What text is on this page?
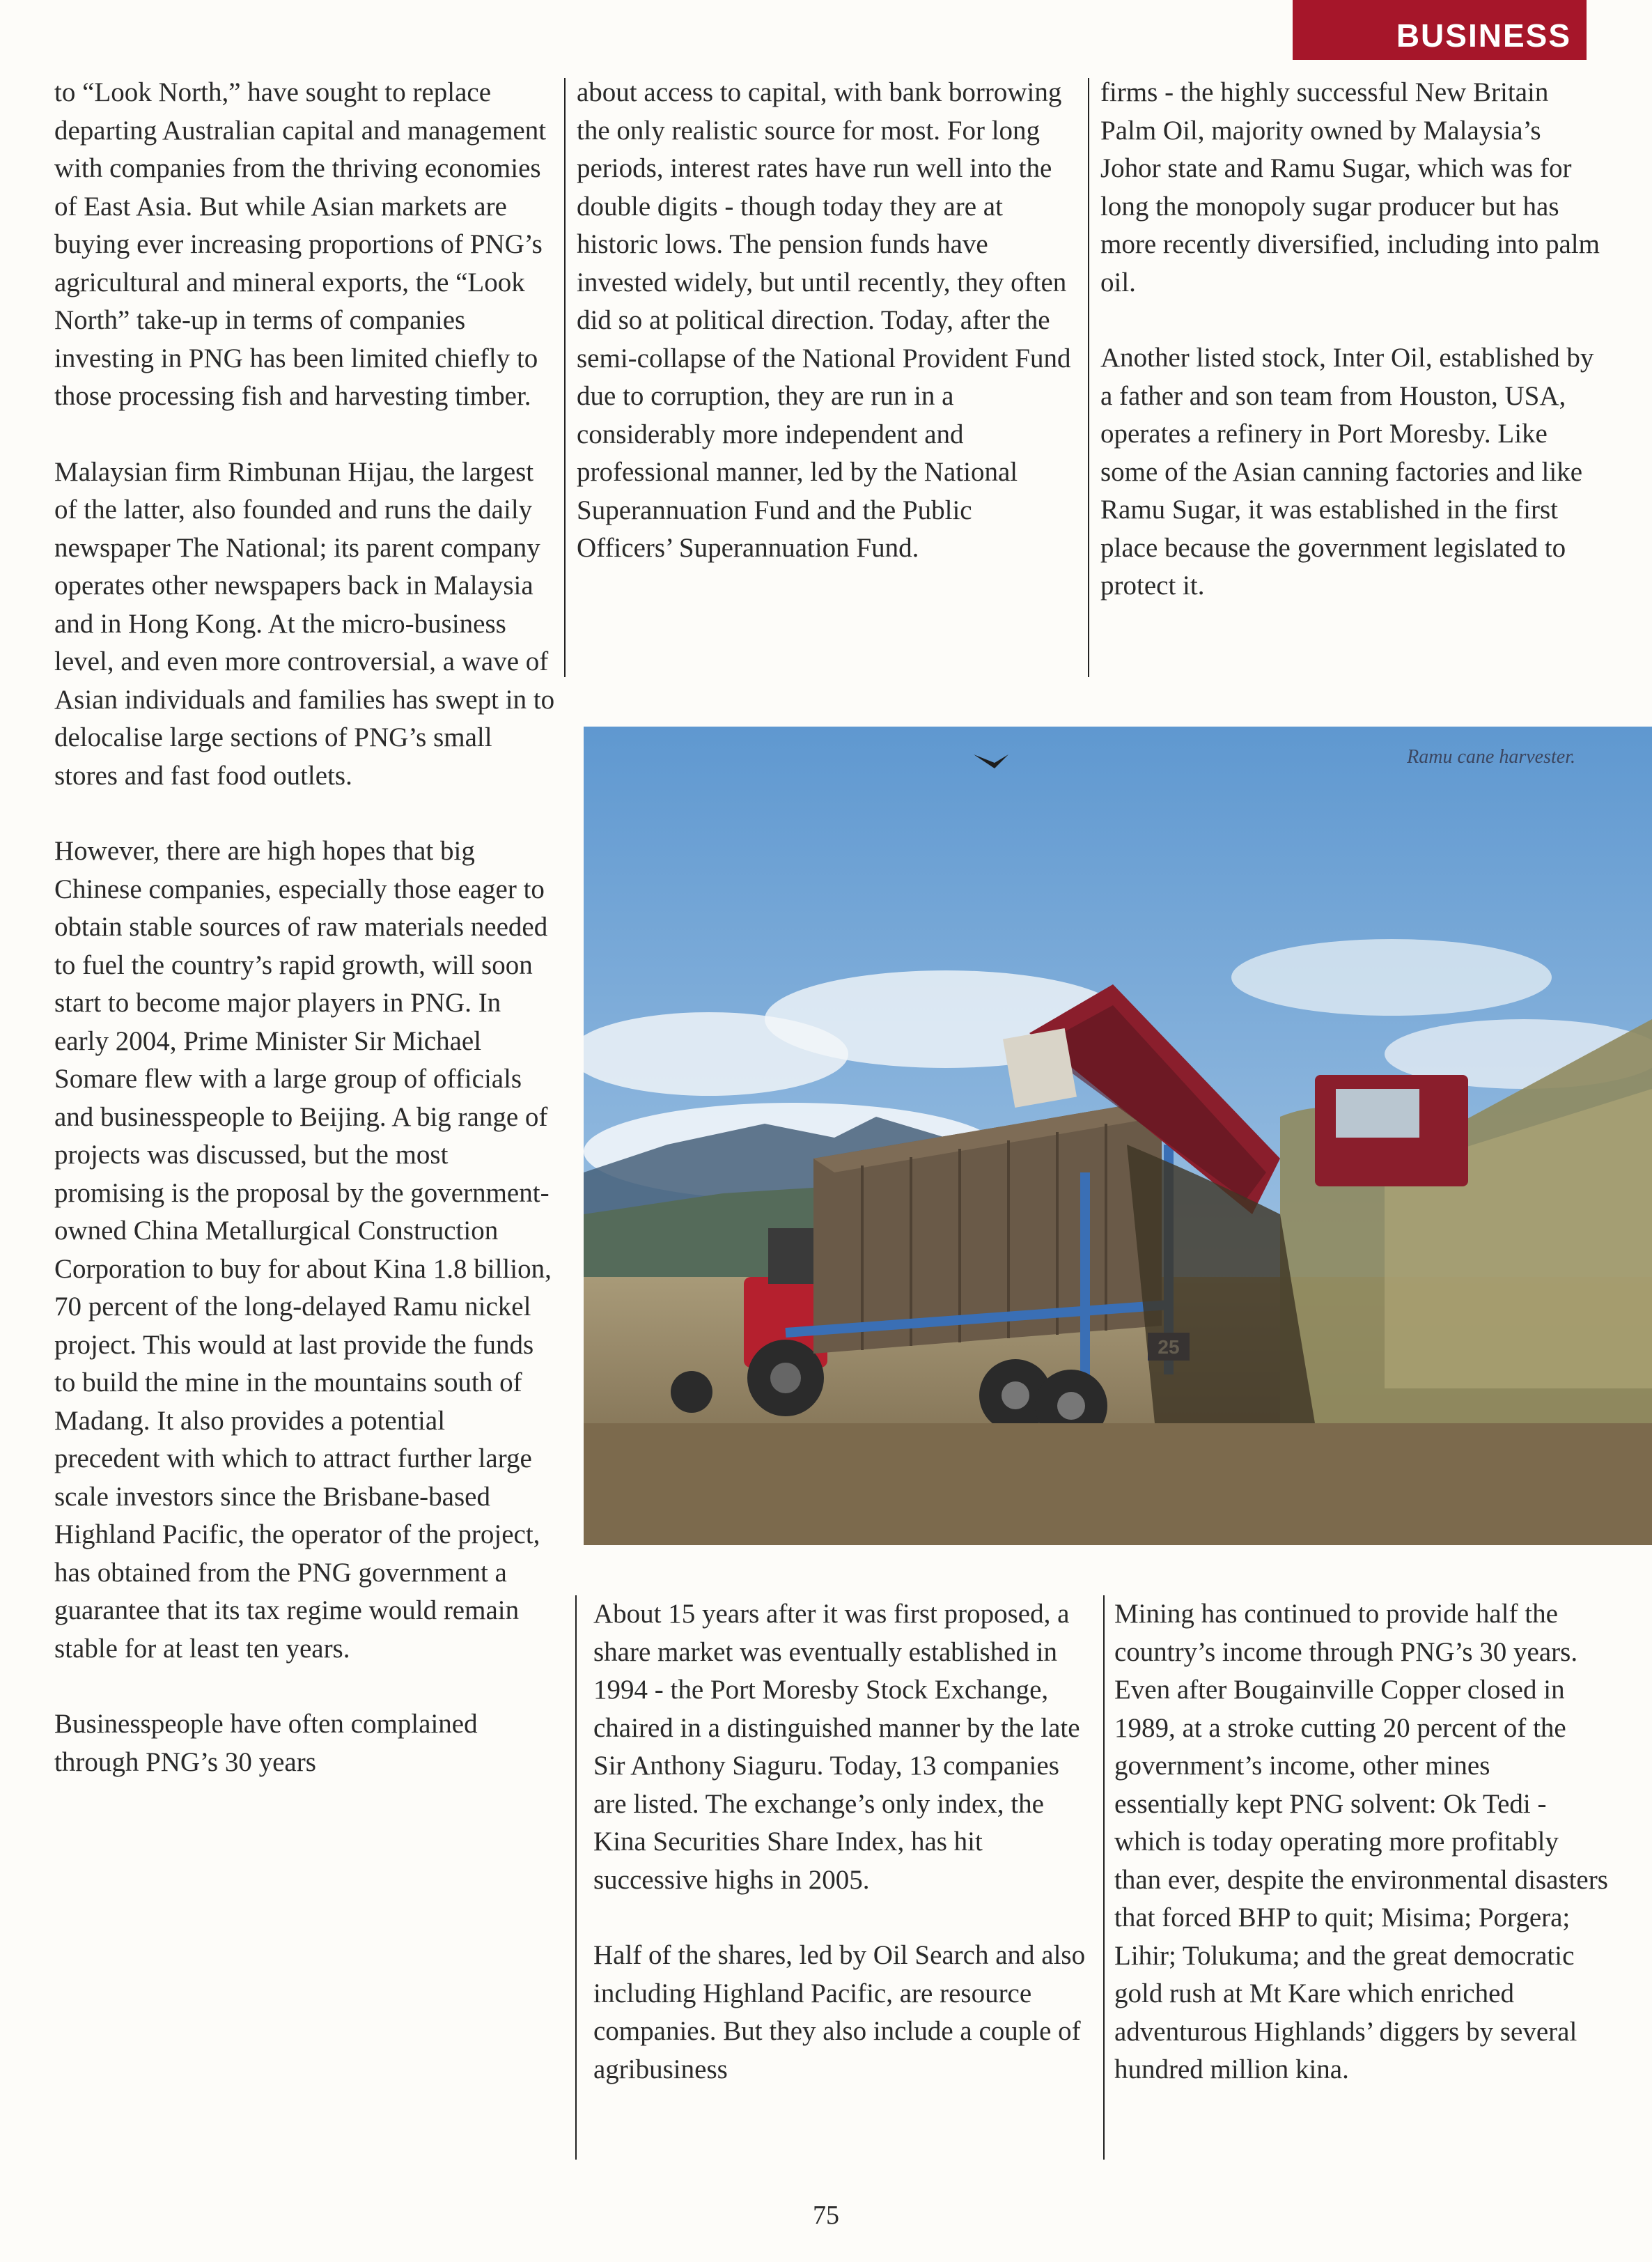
BUSINESS

to “Look North,” have sought to replace departing Australian capital and management with companies from the thriving economies of East Asia. But while Asian markets are buying ever increasing proportions of PNG’s agricultural and mineral exports, the “Look North” take-up in terms of companies investing in PNG has been limited chiefly to those processing fish and harvesting timber.

Malaysian firm Rimbunan Hijau, the largest of the latter, also founded and runs the daily newspaper The National; its parent company operates other newspapers back in Malaysia and in Hong Kong. At the micro-business level, and even more controversial, a wave of Asian individuals and families has swept in to delocalise large sections of PNG’s small stores and fast food outlets.

However, there are high hopes that big Chinese companies, especially those eager to obtain stable sources of raw materials needed to fuel the country’s rapid growth, will soon start to become major players in PNG. In early 2004, Prime Minister Sir Michael Somare flew with a large group of officials and businesspeople to Beijing. A big range of projects was discussed, but the most promising is the proposal by the government-owned China Metallurgical Construction Corporation to buy for about Kina 1.8 billion, 70 percent of the long-delayed Ramu nickel project. This would at last provide the funds to build the mine in the mountains south of Madang. It also provides a potential precedent with which to attract further large scale investors since the Brisbane-based Highland Pacific, the operator of the project, has obtained from the PNG government a guarantee that its tax regime would remain stable for at least ten years.

Businesspeople have often complained through PNG’s 30 years

about access to capital, with bank borrowing the only realistic source for most. For long periods, interest rates have run well into the double digits - though today they are at historic lows. The pension funds have invested widely, but until recently, they often did so at political direction. Today, after the semi-collapse of the National Provident Fund due to corruption, they are run in a considerably more independent and professional manner, led by the National Superannuation Fund and the Public Officers’ Superannuation Fund.

firms - the highly successful New Britain Palm Oil, majority owned by Malaysia’s Johor state and Ramu Sugar, which was for long the monopoly sugar producer but has more recently diversified, including into palm oil.

Another listed stock, Inter Oil, established by a father and son team from Houston, USA, operates a refinery in Port Moresby. Like some of the Asian canning factories and like Ramu Sugar, it was established in the first place because the government legislated to protect it.

Ramu cane harvester.

About 15 years after it was first proposed, a share market was eventually established in 1994 - the Port Moresby Stock Exchange, chaired in a distinguished manner by the late Sir Anthony Siaguru. Today, 13 companies are listed. The exchange’s only index, the Kina Securities Share Index, has hit successive highs in 2005.

Half of the shares, led by Oil Search and also including Highland Pacific, are resource companies. But they also include a couple of agribusiness

Mining has continued to provide half the country’s income through PNG’s 30 years. Even after Bougainville Copper closed in 1989, at a stroke cutting 20 percent of the government’s income, other mines essentially kept PNG solvent: Ok Tedi - which is today operating more profitably than ever, despite the environmental disasters that forced BHP to quit; Misima; Porgera; Lihir; Tolukuma; and the great democratic gold rush at Mt Kare which enriched adventurous Highlands’ diggers by several hundred million kina.

75
